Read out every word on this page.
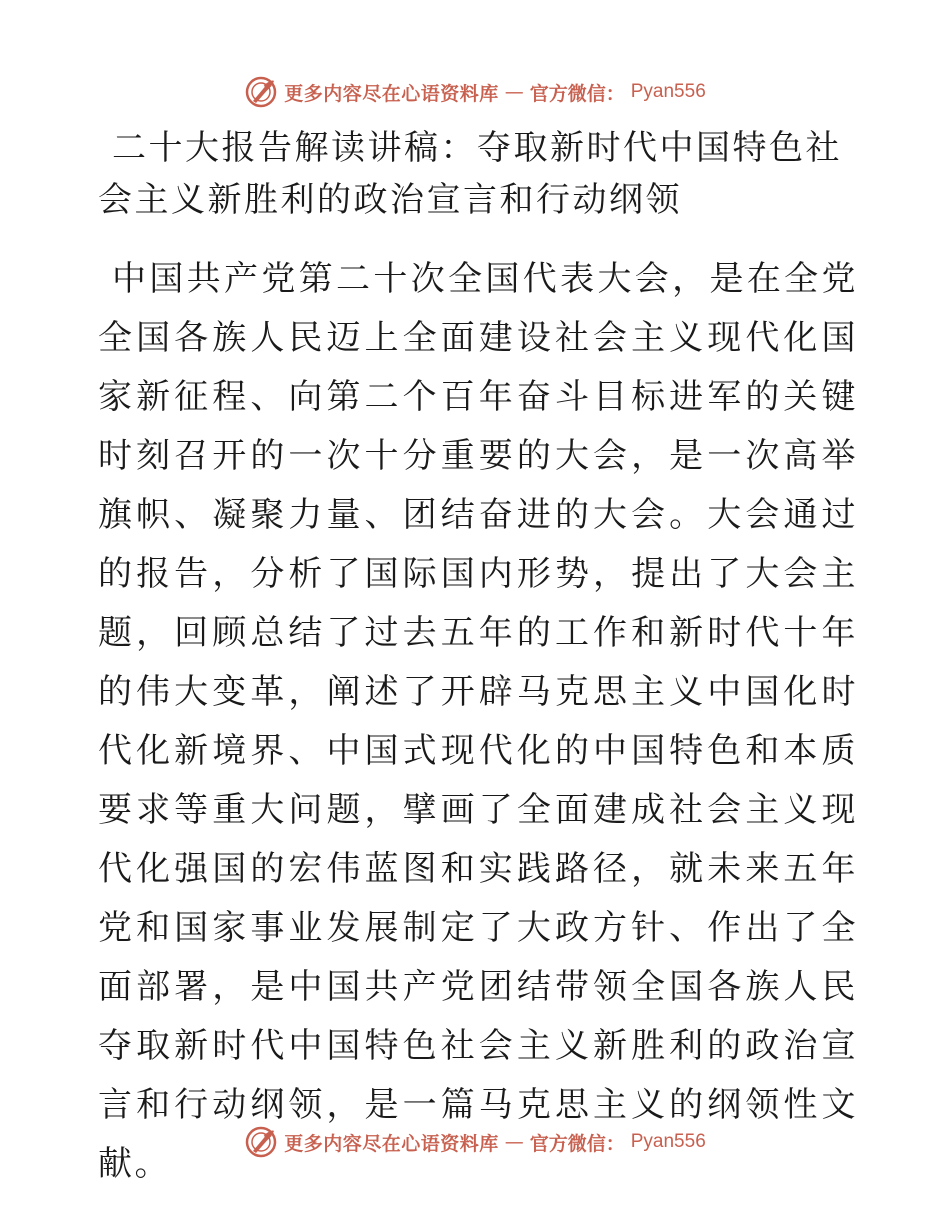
更多内容尽在心语资料库 — 官方微信： Pyan556
二十大报告解读讲稿：夺取新时代中国特色社会主义新胜利的政治宣言和行动纲领

中国共产党第二十次全国代表大会，是在全党全国各族人民迈上全面建设社会主义现代化国家新征程、向第二个百年奋斗目标进军的关键时刻召开的一次十分重要的大会，是一次高举旗帜、凝聚力量、团结奋进的大会。大会通过的报告，分析了国际国内形势，提出了大会主题，回顾总结了过去五年的工作和新时代十年的伟大变革，阐述了开辟马克思主义中国化时代化新境界、中国式现代化的中国特色和本质要求等重大问题，擘画了全面建成社会主义现代化强国的宏伟蓝图和实践路径，就未来五年党和国家事业发展制定了大政方针、作出了全面部署，是中国共产党团结带领全国各族人民夺取新时代中国特色社会主义新胜利的政治宣言和行动纲领，是一篇马克思主义的纲领性文献。

更多内容尽在心语资料库 — 官方微信： Pyan556
